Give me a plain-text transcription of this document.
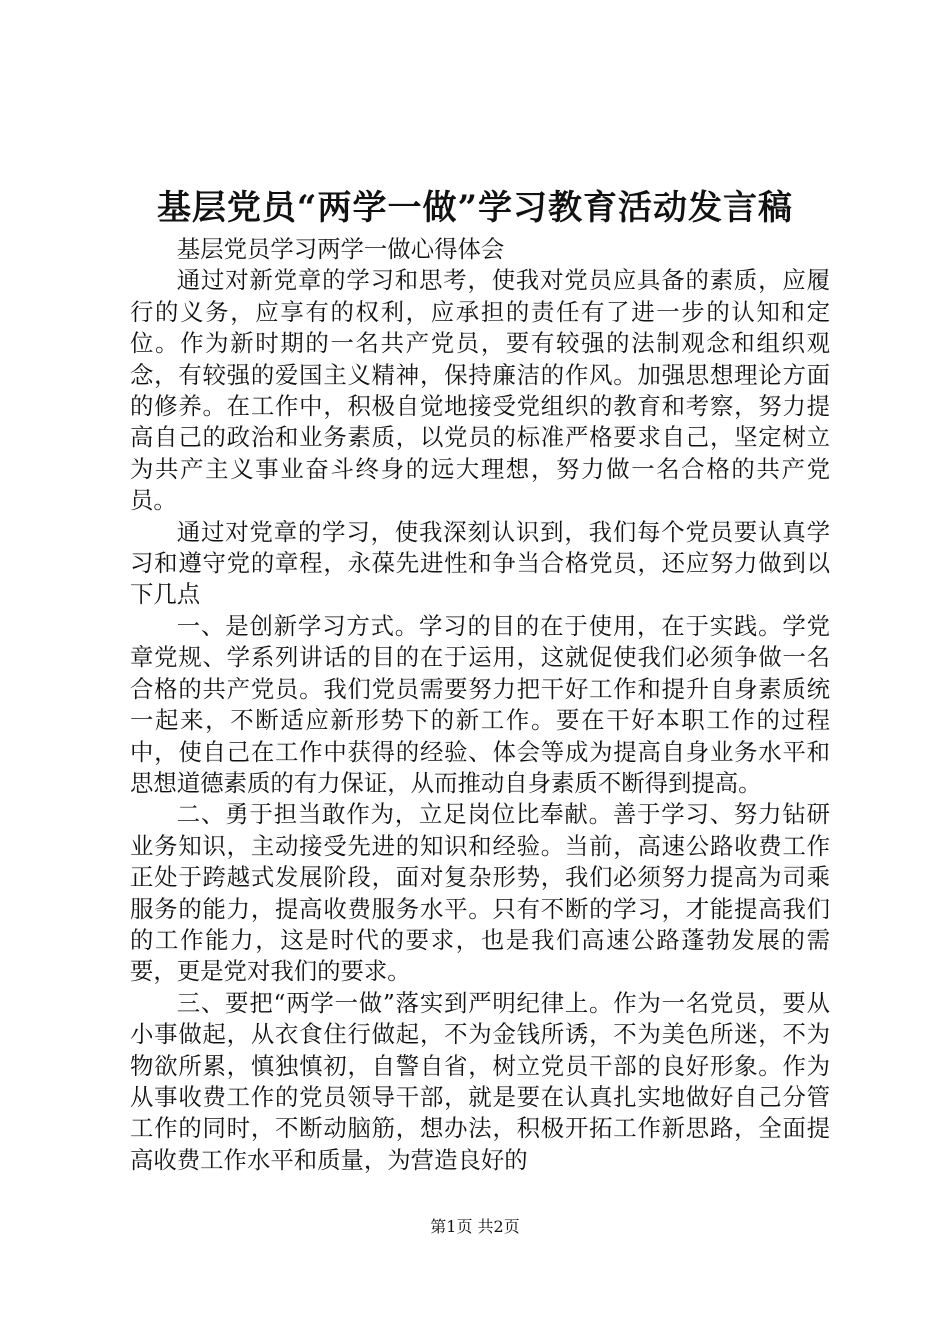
基层党员“两学一做”学习教育活动发言稿

基层党员学习两学一做心得体会

通过对新党章的学习和思考，使我对党员应具备的素质，应履行的义务，应享有的权利，应承担的责任有了进一步的认知和定位。作为新时期的一名共产党员，要有较强的法制观念和组织观念，有较强的爱国主义精神，保持廉洁的作风。加强思想理论方面的修养。在工作中，积极自觉地接受党组织的教育和考察，努力提高自己的政治和业务素质，以党员的标准严格要求自己，坚定树立为共产主义事业奋斗终身的远大理想，努力做一名合格的共产党员。

通过对党章的学习，使我深刻认识到，我们每个党员要认真学习和遵守党的章程，永葆先进性和争当合格党员，还应努力做到以下几点

一、是创新学习方式。学习的目的在于使用，在于实践。学党章党规、学系列讲话的目的在于运用，这就促使我们必须争做一名合格的共产党员。我们党员需要努力把干好工作和提升自身素质统一起来，不断适应新形势下的新工作。要在干好本职工作的过程中，使自己在工作中获得的经验、体会等成为提高自身业务水平和思想道德素质的有力保证，从而推动自身素质不断得到提高。

二、勇于担当敢作为，立足岗位比奉献。善于学习、努力钻研业务知识，主动接受先进的知识和经验。当前，高速公路收费工作正处于跨越式发展阶段，面对复杂形势，我们必须努力提高为司乘服务的能力，提高收费服务水平。只有不断的学习，才能提高我们的工作能力，这是时代的要求，也是我们高速公路蓬勃发展的需要，更是党对我们的要求。

三、要把“两学一做”落实到严明纪律上。作为一名党员，要从小事做起，从衣食住行做起，不为金钱所诱，不为美色所迷，不为物欲所累，慎独慎初，自警自省，树立党员干部的良好形象。作为从事收费工作的党员领导干部，就是要在认真扎实地做好自己分管工作的同时，不断动脑筋，想办法，积极开拓工作新思路，全面提高收费工作水平和质量，为营造良好的

第1页 共2页
